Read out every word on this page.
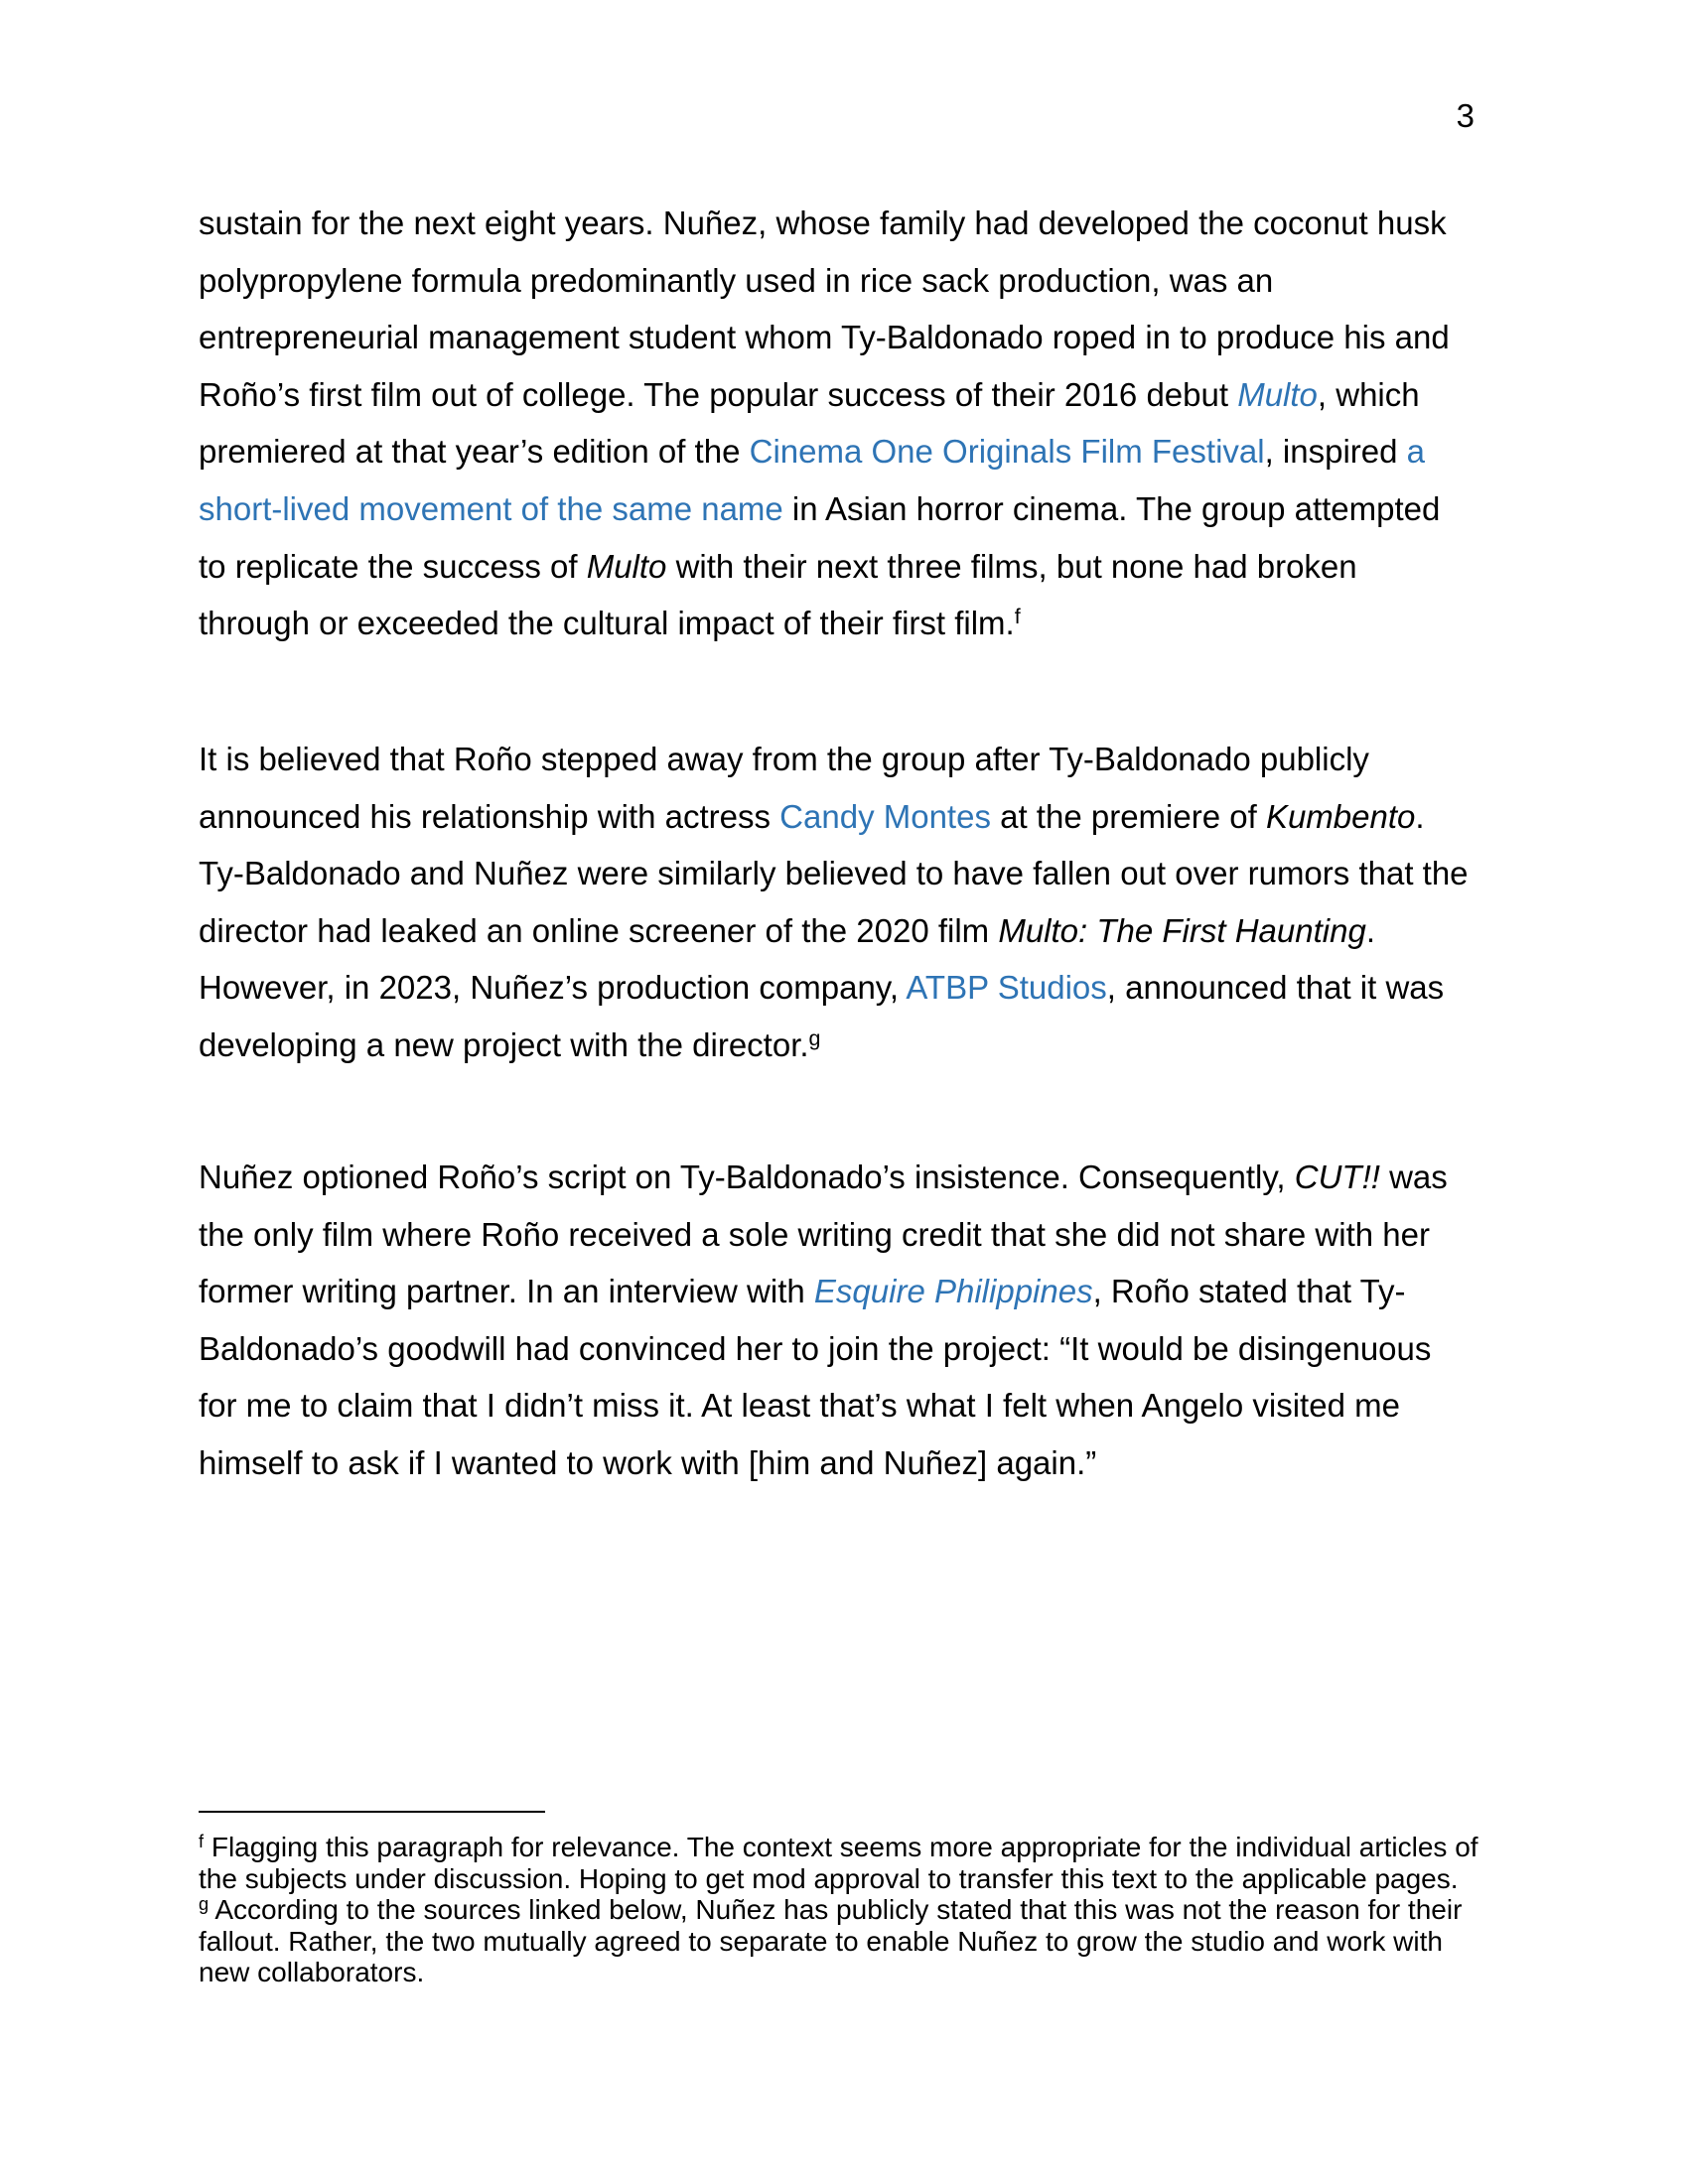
3
sustain for the next eight years. Nuñez, whose family had developed the coconut husk
polypropylene formula predominantly used in rice sack production, was an
entrepreneurial management student whom Ty-Baldonado roped in to produce his and
Roño’s first film out of college. The popular success of their 2016 debut Multo, which
premiered at that year’s edition of the Cinema One Originals Film Festival, inspired a
short-lived movement of the same name in Asian horror cinema. The group attempted
to replicate the success of Multo with their next three films, but none had broken
through or exceeded the cultural impact of their first film.$^f$
It is believed that Roño stepped away from the group after Ty-Baldonado publicly
announced his relationship with actress Candy Montes at the premiere of Kumbento.
Ty-Baldonado and Nuñez were similarly believed to have fallen out over rumors that the
director had leaked an online screener of the 2020 film Multo: The First Haunting.
However, in 2023, Nuñez’s production company, ATBP Studios, announced that it was
developing a new project with the director.$^g$
Nuñez optioned Roño’s script on Ty-Baldonado’s insistence. Consequently, CUT!! was
the only film where Roño received a sole writing credit that she did not share with her
former writing partner. In an interview with Esquire Philippines, Roño stated that Ty-
Baldonado’s goodwill had convinced her to join the project: “It would be disingenuous
for me to claim that I didn’t miss it. At least that’s what I felt when Angelo visited me
himself to ask if I wanted to work with [him and Nuñez] again.”
$^f$ Flagging this paragraph for relevance. The context seems more appropriate for the individual articles of
the subjects under discussion. Hoping to get mod approval to transfer this text to the applicable pages.
$^g$ According to the sources linked below, Nuñez has publicly stated that this was not the reason for their
fallout. Rather, the two mutually agreed to separate to enable Nuñez to grow the studio and work with
new collaborators.
